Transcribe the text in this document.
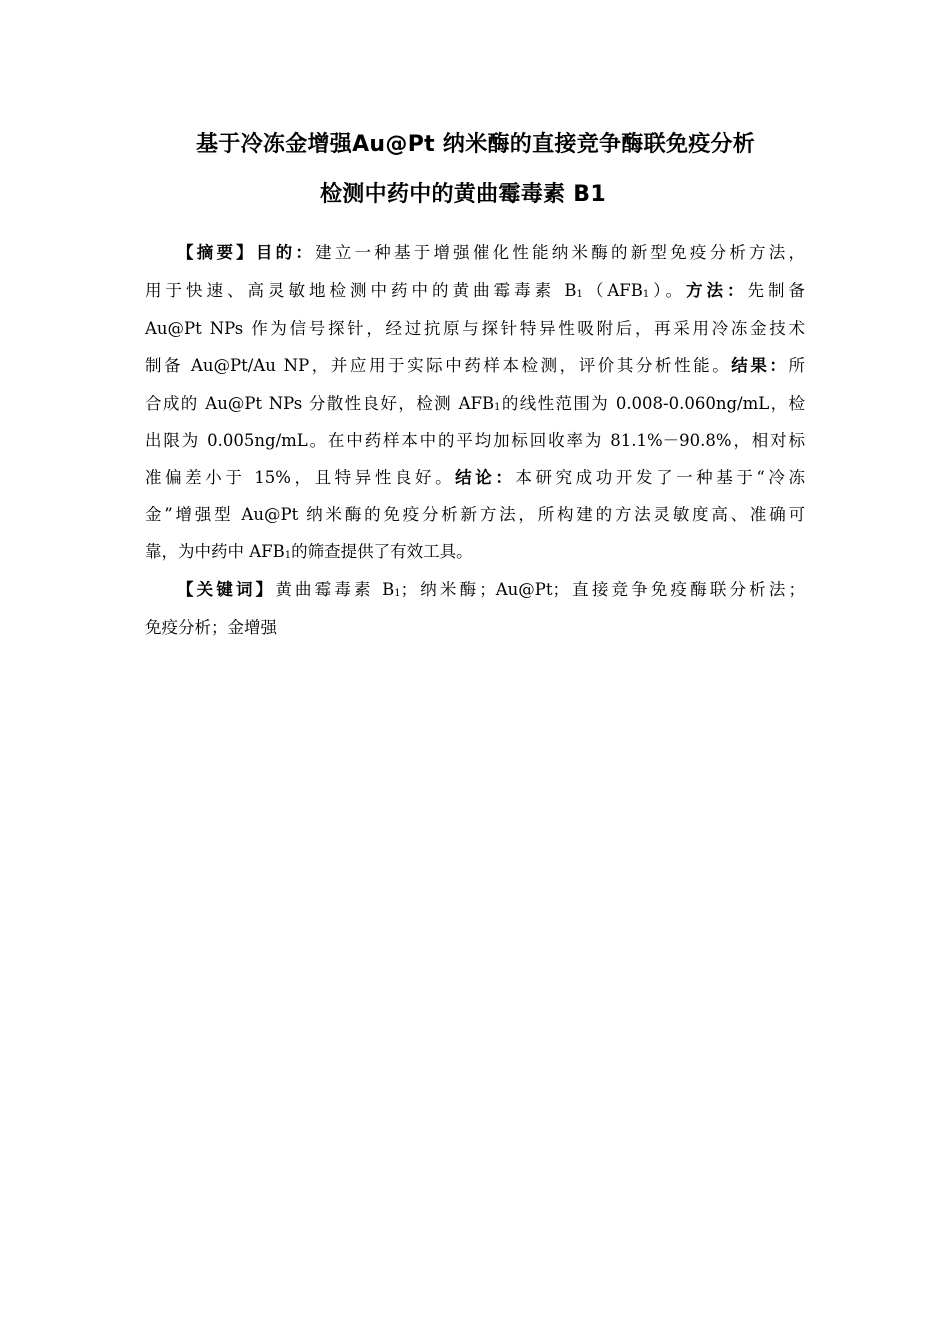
基于冷冻金增强Au@Pt 纳米酶的直接竞争酶联免疫分析
检测中药中的黄曲霉毒素 B1
【摘要】目的：建立一种基于增强催化性能纳米酶的新型免疫分析方法，
用于快速、高灵敏地检测中药中的黄曲霉毒素 $B_1(AFB_1)$。方法：先制备
Au@Pt NPs 作为信号探针，经过抗原与探针特异性吸附后，再采用冷冻金技术
制备 Au@Pt/Au NP，并应用于实际中药样本检测，评价其分析性能。结果：所
合成的 Au@Pt NPs 分散性良好，检测 $AFB_1$的线性范围为 0.008-0.060ng/mL，检
出限为 0.005ng/mL。在中药样本中的平均加标回收率为 81.1%－90.8%，相对标
准偏差小于 15%，且特异性良好。结论：本研究成功开发了一种基于“冷冻
金”增强型 Au@Pt 纳米酶的免疫分析新方法，所构建的方法灵敏度高、准确可
靠，为中药中 $AFB_1$的筛查提供了有效工具。
【关键词】黄曲霉毒素 $B_1$；纳米酶；Au@Pt；直接竞争免疫酶联分析法；
免疫分析；金增强
